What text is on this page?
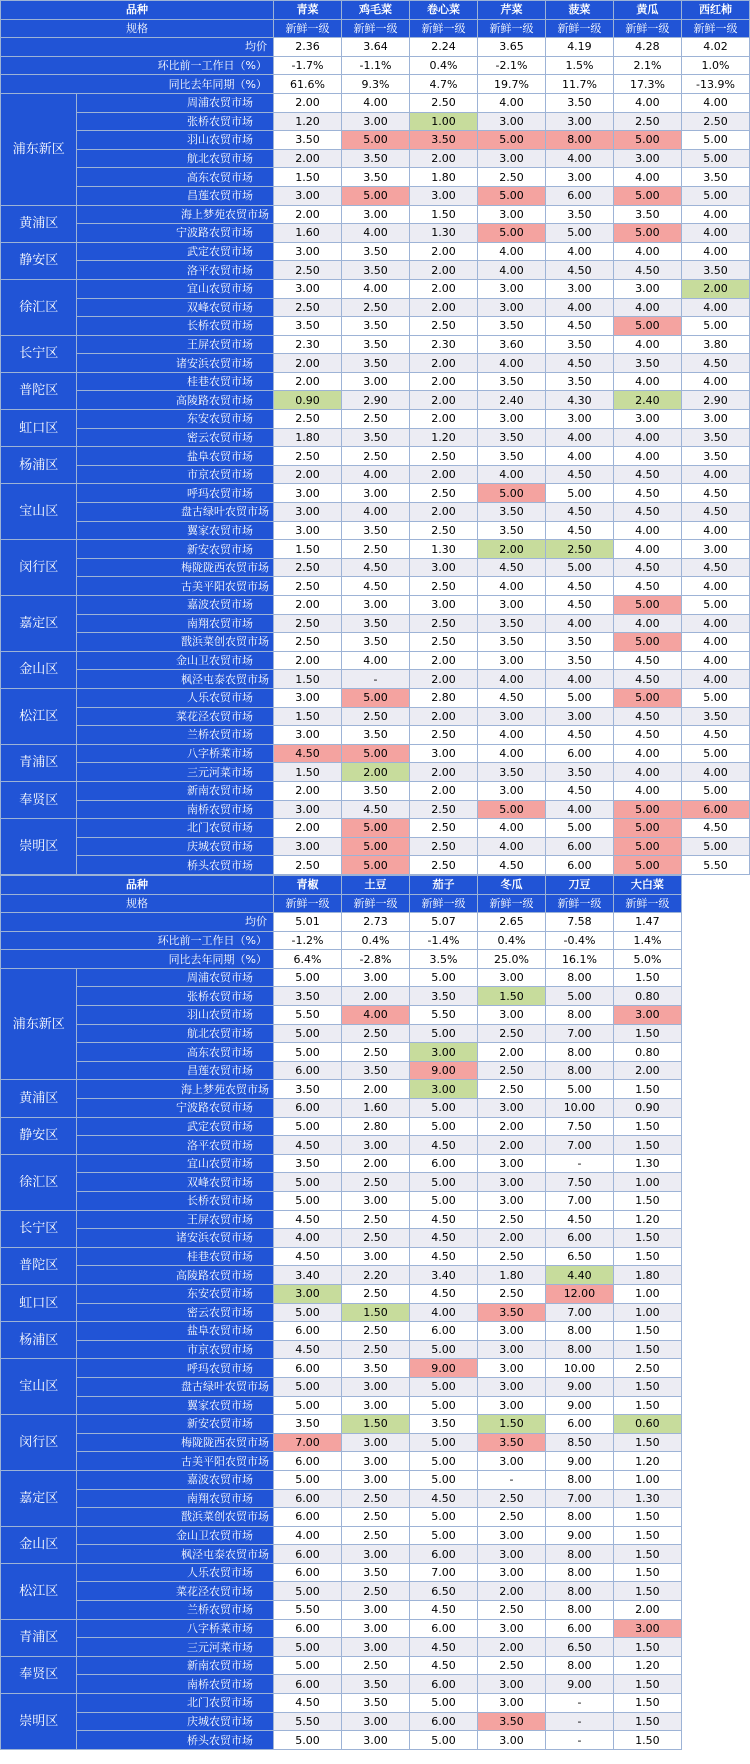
品种		青菜	鸡毛菜	卷心菜	芹菜	菠菜	黄瓜	西红柿
规格		新鲜一级	新鲜一级	新鲜一级	新鲜一级	新鲜一级	新鲜一级	新鲜一级
均价		2.36	3.64	2.24	3.65	4.19	4.28	4.02
环比前一工作日（%）		-1.7%	-1.1%	0.4%	-2.1%	1.5%	2.1%	1.0%
同比去年同期（%）		61.6%	9.3%	4.7%	19.7%	11.7%	17.3%	-13.9%
浦东新区	周浦农贸市场	2.00	4.00	2.50	4.00	3.50	4.00	4.00
	张桥农贸市场	1.20	3.00	1.00	3.00	3.00	2.50	2.50
	羽山农贸市场	3.50	5.00	3.50	5.00	8.00	5.00	5.00
	航北农贸市场	2.00	3.50	2.00	3.00	4.00	3.00	5.00
	高东农贸市场	1.50	3.50	1.80	2.50	3.00	4.00	3.50
	昌莲农贸市场	3.00	5.00	3.00	5.00	6.00	5.00	5.00
黄浦区	海上梦苑农贸市场	2.00	3.00	1.50	3.00	3.50	3.50	4.00
	宁波路农贸市场	1.60	4.00	1.30	5.00	5.00	5.00	4.00
静安区	武定农贸市场	3.00	3.50	2.00	4.00	4.00	4.00	4.00
	洛平农贸市场	2.50	3.50	2.00	4.00	4.50	4.50	3.50
徐汇区	宜山农贸市场	3.00	4.00	2.00	3.00	3.00	3.00	2.00
	双峰农贸市场	2.50	2.50	2.00	3.00	4.00	4.00	4.00
	长桥农贸市场	3.50	3.50	2.50	3.50	4.50	5.00	5.00
长宁区	王屏农贸市场	2.30	3.50	2.30	3.60	3.50	4.00	3.80
	诸安浜农贸市场	2.00	3.50	2.00	4.00	4.50	3.50	4.50
普陀区	桂巷农贸市场	2.00	3.00	2.00	3.50	3.50	4.00	4.00
	高陵路农贸市场	0.90	2.90	2.00	2.40	4.30	2.40	2.90
虹口区	东安农贸市场	2.50	2.50	2.00	3.00	3.00	3.00	3.00
	密云农贸市场	1.80	3.50	1.20	3.50	4.00	4.00	3.50
杨浦区	盐阜农贸市场	2.50	2.50	2.50	3.50	4.00	4.00	3.50
	市京农贸市场	2.00	4.00	2.00	4.00	4.50	4.50	4.00
宝山区	呼玛农贸市场	3.00	3.00	2.50	5.00	5.00	4.50	4.50
	盘古绿叶农贸市场	3.00	4.00	2.00	3.50	4.50	4.50	4.50
	翼家农贸市场	3.00	3.50	2.50	3.50	4.50	4.00	4.00
闵行区	新安农贸市场	1.50	2.50	1.30	2.00	2.50	4.00	3.00
	梅陇陇西农贸市场	2.50	4.50	3.00	4.50	5.00	4.50	4.50
	古美平阳农贸市场	2.50	4.50	2.50	4.00	4.50	4.50	4.00
嘉定区	嘉波农贸市场	2.00	3.00	3.00	3.00	4.50	5.00	5.00
	南翔农贸市场	2.50	3.50	2.50	3.50	4.00	4.00	4.00
	戬浜菜创农贸市场	2.50	3.50	2.50	3.50	3.50	5.00	4.00
金山区	金山卫农贸市场	2.00	4.00	2.00	3.00	3.50	4.50	4.00
	枫泾屯泰农贸市场	1.50	-	2.00	4.00	4.00	4.50	4.00
松江区	人乐农贸市场	3.00	5.00	2.80	4.50	5.00	5.00	5.00
	菜花泾农贸市场	1.50	2.50	2.00	3.00	3.00	4.50	3.50
	兰桥农贸市场	3.00	3.50	2.50	4.00	4.50	4.50	4.50
青浦区	八字桥菜市场	4.50	5.00	3.00	4.00	6.00	4.00	5.00
	三元河菜市场	1.50	2.00	2.00	3.50	3.50	4.00	4.00
奉贤区	新南农贸市场	2.00	3.50	2.00	3.00	4.50	4.00	5.00
	南桥农贸市场	3.00	4.50	2.50	5.00	4.00	5.00	6.00
崇明区	北门农贸市场	2.00	5.00	2.50	4.00	5.00	5.00	4.50
	庆城农贸市场	3.00	5.00	2.50	4.00	6.00	5.00	5.00
	桥头农贸市场	2.50	5.00	2.50	4.50	6.00	5.00	5.50
品种		青椒	土豆	茄子	冬瓜	刀豆	大白菜	
规格		新鲜一级	新鲜一级	新鲜一级	新鲜一级	新鲜一级	新鲜一级	
均价		5.01	2.73	5.07	2.65	7.58	1.47	
环比前一工作日（%）		-1.2%	0.4%	-1.4%	0.4%	-0.4%	1.4%	
同比去年同期（%）		6.4%	-2.8%	3.5%	25.0%	16.1%	5.0%	
浦东新区	周浦农贸市场	5.00	3.00	5.00	3.00	8.00	1.50	
	张桥农贸市场	3.50	2.00	3.50	1.50	5.00	0.80	
	羽山农贸市场	5.50	4.00	5.50	3.00	8.00	3.00	
	航北农贸市场	5.00	2.50	5.00	2.50	7.00	1.50	
	高东农贸市场	5.00	2.50	3.00	2.00	8.00	0.80	
	昌莲农贸市场	6.00	3.50	9.00	2.50	8.00	2.00	
黄浦区	海上梦苑农贸市场	3.50	2.00	3.00	2.50	5.00	1.50	
	宁波路农贸市场	6.00	1.60	5.00	3.00	10.00	0.90	
静安区	武定农贸市场	5.00	2.80	5.00	2.00	7.50	1.50	
	洛平农贸市场	4.50	3.00	4.50	2.00	7.00	1.50	
徐汇区	宜山农贸市场	3.50	2.00	6.00	3.00	-	1.30	
	双峰农贸市场	5.00	2.50	5.00	3.00	7.50	1.00	
	长桥农贸市场	5.00	3.00	5.00	3.00	7.00	1.50	
长宁区	王屏农贸市场	4.50	2.50	4.50	2.50	4.50	1.20	
	诸安浜农贸市场	4.00	2.50	4.50	2.00	6.00	1.50	
普陀区	桂巷农贸市场	4.50	3.00	4.50	2.50	6.50	1.50	
	高陵路农贸市场	3.40	2.20	3.40	1.80	4.40	1.80	
虹口区	东安农贸市场	3.00	2.50	4.50	2.50	12.00	1.00	
	密云农贸市场	5.00	1.50	4.00	3.50	7.00	1.00	
杨浦区	盐阜农贸市场	6.00	2.50	6.00	3.00	8.00	1.50	
	市京农贸市场	4.50	2.50	5.00	3.00	8.00	1.50	
宝山区	呼玛农贸市场	6.00	3.50	9.00	3.00	10.00	2.50	
	盘古绿叶农贸市场	5.00	3.00	5.00	3.00	9.00	1.50	
	翼家农贸市场	5.00	3.00	5.00	3.00	9.00	1.50	
闵行区	新安农贸市场	3.50	1.50	3.50	1.50	6.00	0.60	
	梅陇陇西农贸市场	7.00	3.00	5.00	3.50	8.50	1.50	
	古美平阳农贸市场	6.00	3.00	5.00	3.00	9.00	1.20	
嘉定区	嘉波农贸市场	5.00	3.00	5.00	-	8.00	1.00	
	南翔农贸市场	6.00	2.50	4.50	2.50	7.00	1.30	
	戬浜菜创农贸市场	6.00	2.50	5.00	2.50	8.00	1.50	
金山区	金山卫农贸市场	4.00	2.50	5.00	3.00	9.00	1.50	
	枫泾屯泰农贸市场	6.00	3.00	6.00	3.00	8.00	1.50	
松江区	人乐农贸市场	6.00	3.50	7.00	3.00	8.00	1.50	
	菜花泾农贸市场	5.00	2.50	6.50	2.00	8.00	1.50	
	兰桥农贸市场	5.50	3.00	4.50	2.50	8.00	2.00	
青浦区	八字桥菜市场	6.00	3.00	6.00	3.00	6.00	3.00	
	三元河菜市场	5.00	3.00	4.50	2.00	6.50	1.50	
奉贤区	新南农贸市场	5.00	2.50	4.50	2.50	8.00	1.20	
	南桥农贸市场	6.00	3.50	6.00	3.00	9.00	1.50	
崇明区	北门农贸市场	4.50	3.50	5.00	3.00	-	1.50	
	庆城农贸市场	5.50	3.00	6.00	3.50	-	1.50	
	桥头农贸市场	5.00	3.00	5.00	3.00	-	1.50	
